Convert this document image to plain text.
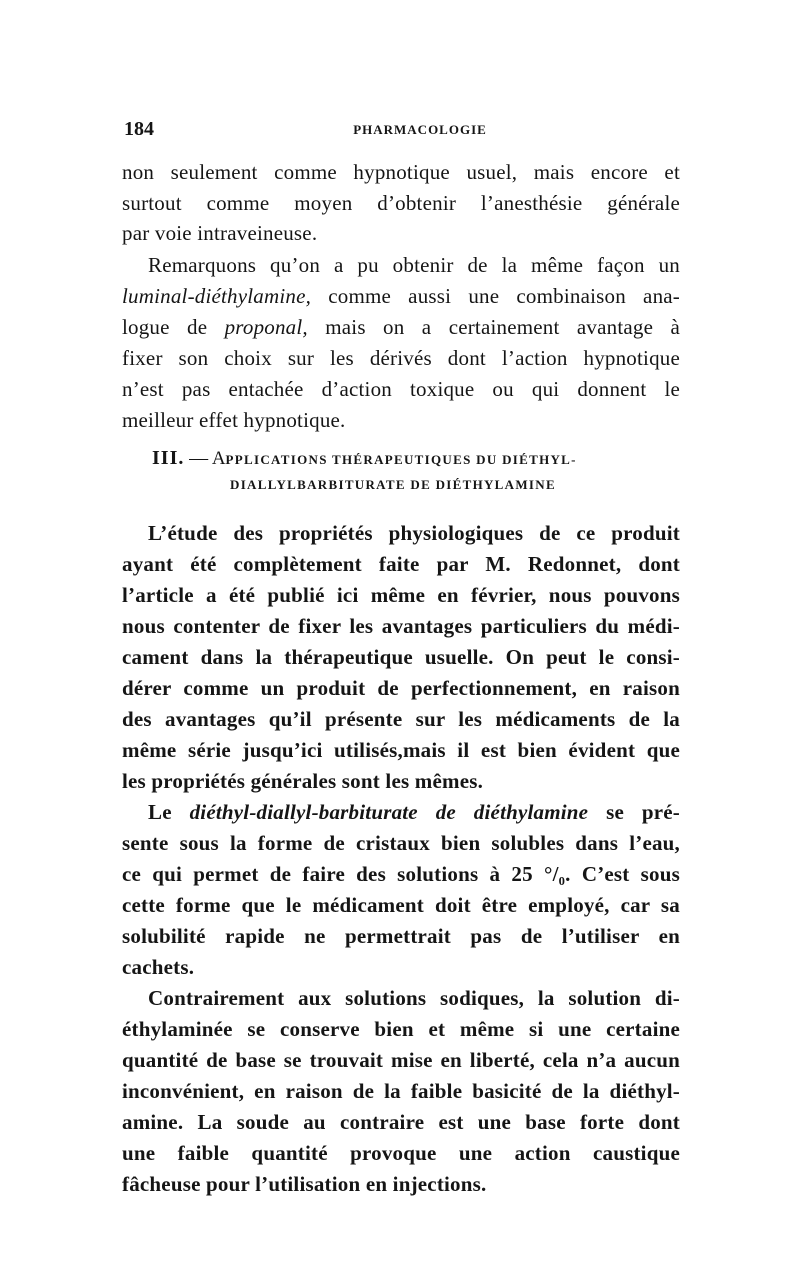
184	PHARMACOLOGIE
non seulement comme hypnotique usuel, mais encore et
surtout comme moyen d’obtenir l’anesthésie générale
par voie intraveineuse.
Remarquons qu’on a pu obtenir de la même façon un
luminal-diéthylamine, comme aussi une combinaison ana-
logue de proponal, mais on a certainement avantage à
fixer son choix sur les dérivés dont l’action hypnotique
n’est pas entachée d’action toxique ou qui donnent le
meilleur effet hypnotique.
III. — APPLICATIONS THÉRAPEUTIQUES DU DIÉTHYL-
DIALLYLBARBITURATE DE DIÉTHYLAMINE
L’étude des propriétés physiologiques de ce produit
ayant été complètement faite par M. Redonnet, dont
l’article a été publié ici même en février, nous pouvons
nous contenter de fixer les avantages particuliers du médi-
cament dans la thérapeutique usuelle. On peut le consi-
dérer comme un produit de perfectionnement, en raison
des avantages qu’il présente sur les médicaments de la
même série jusqu’ici utilisés,mais il est bien évident que
les propriétés générales sont les mêmes.
Le diéthyl-diallyl-barbiturate de diéthylamine se pré-
sente sous la forme de cristaux bien solubles dans l’eau,
ce qui permet de faire des solutions à 25 °/₀. C’est sous
cette forme que le médicament doit être employé, car sa
solubilité rapide ne permettrait pas de l’utiliser en
cachets.
Contrairement aux solutions sodiques, la solution di-
éthylaminée se conserve bien et même si une certaine
quantité de base se trouvait mise en liberté, cela n’a aucun
inconvénient, en raison de la faible basicité de la diéthyl-
amine. La soude au contraire est une base forte dont
une faible quantité provoque une action caustique
fâcheuse pour l’utilisation en injections.
